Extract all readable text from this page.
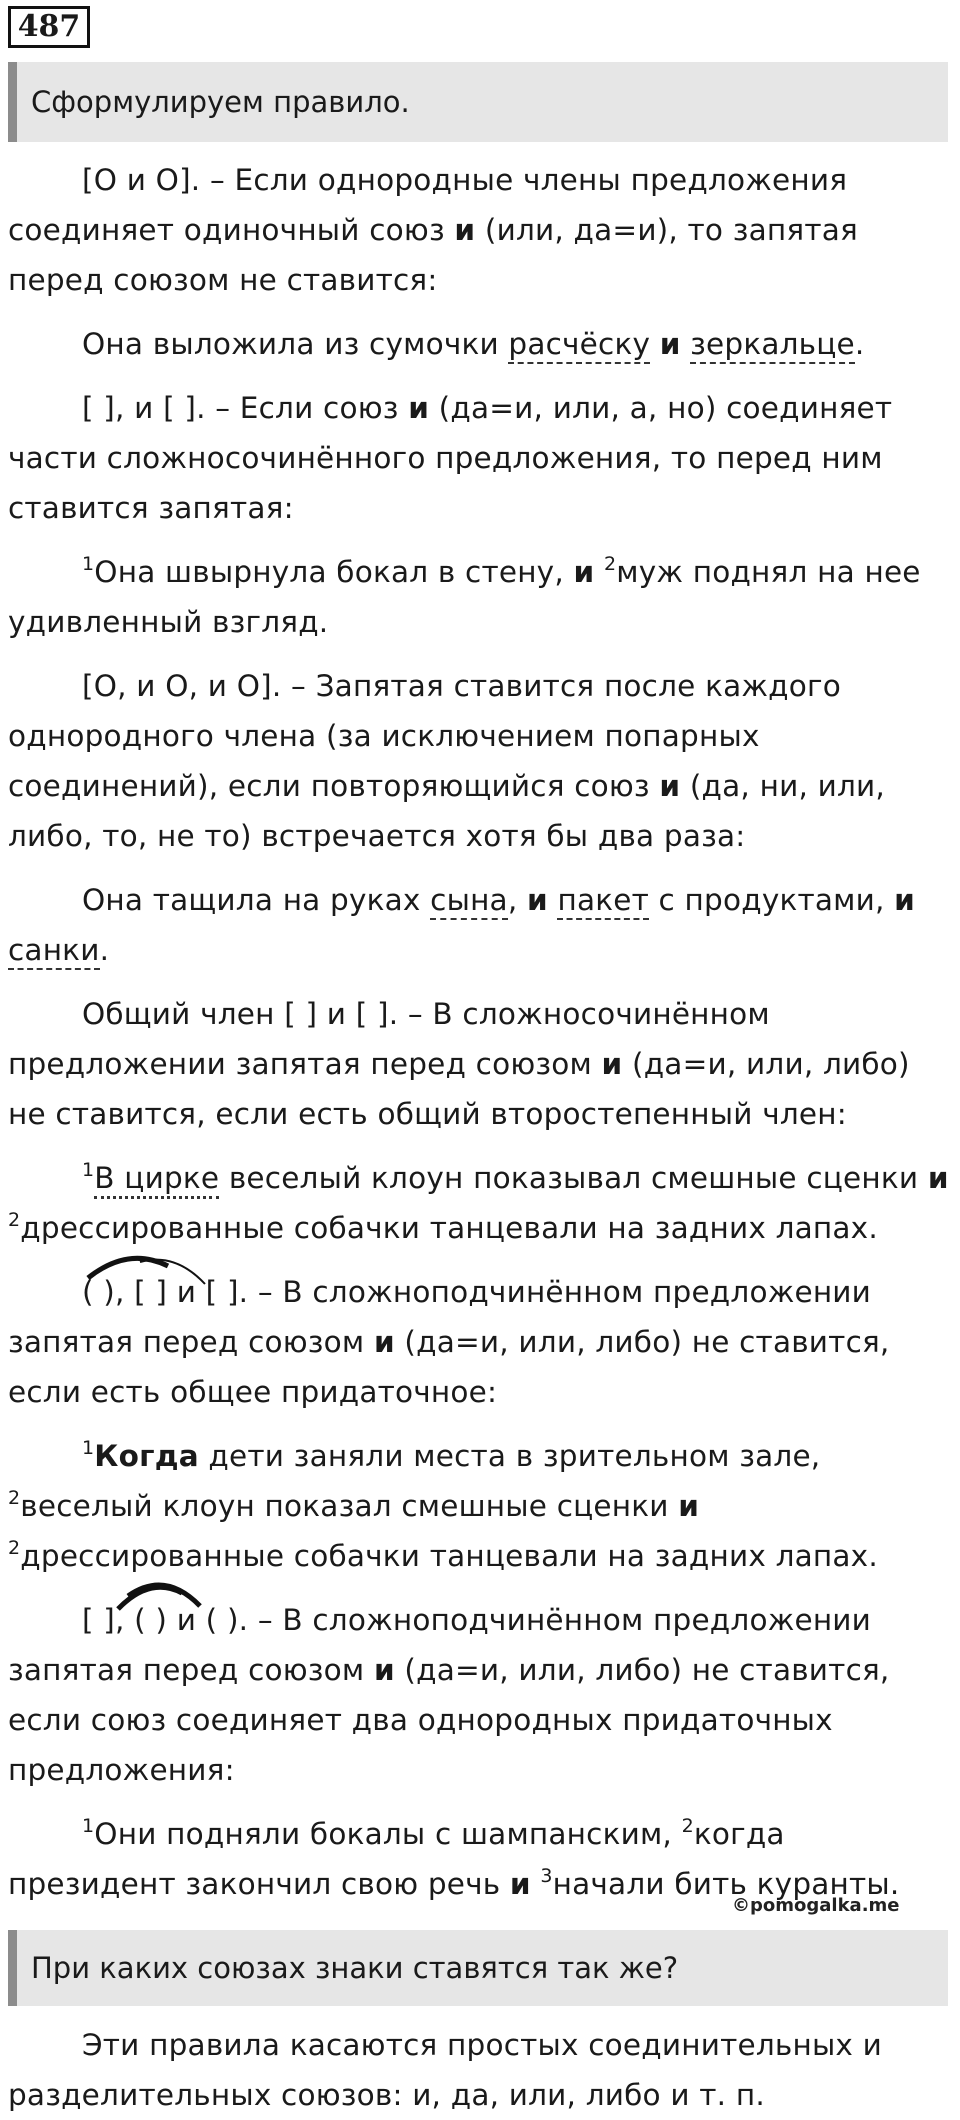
487
Сформулируем правило.

[О и О]. – Если однородные члены предложения соединяет одиночный союз и (или, да=и), то запятая перед союзом не ставится:

Она выложила из сумочки расчёску и зеркальце.

[ ], и [ ]. – Если союз и (да=и, или, а, но) соединяет части сложносочинённого предложения, то перед ним ставится запятая:

$^1$Она швырнула бокал в стену, и $^2$муж поднял на нее удивленный взгляд.

[О, и О, и О]. – Запятая ставится после каждого однородного члена (за исключением попарных соединений), если повторяющийся союз и (да, ни, или, либо, то, не то) встречается хотя бы два раза:

Она тащила на руках сына, и пакет с продуктами, и санки.

Общий член [ ] и [ ]. – В сложносочинённом предложении запятая перед союзом и (да=и, или, либо) не ставится, если есть общий второстепенный член:

$^1$В цирке веселый клоун показывал смешные сценки и $^2$дрессированные собачки танцевали на задних лапах.

( ), [ ] и [ ]. – В сложноподчинённом предложении запятая перед союзом и (да=и, или, либо) не ставится, если есть общее придаточное:

$^1$Когда дети заняли места в зрительном зале, $^2$веселый клоун показал смешные сценки и $^2$дрессированные собачки танцевали на задних лапах.

[ ], ( ) и ( ). – В сложноподчинённом предложении запятая перед союзом и (да=и, или, либо) не ставится, если союз соединяет два однородных придаточных предложения:

$^1$Они подняли бокалы с шампанским, $^2$когда президент закончил свою речь и $^3$начали бить куранты.

©pomogalka.me
При каких союзах знаки ставятся так же?

Эти правила касаются простых соединительных и разделительных союзов: и, да, или, либо и т. п.
